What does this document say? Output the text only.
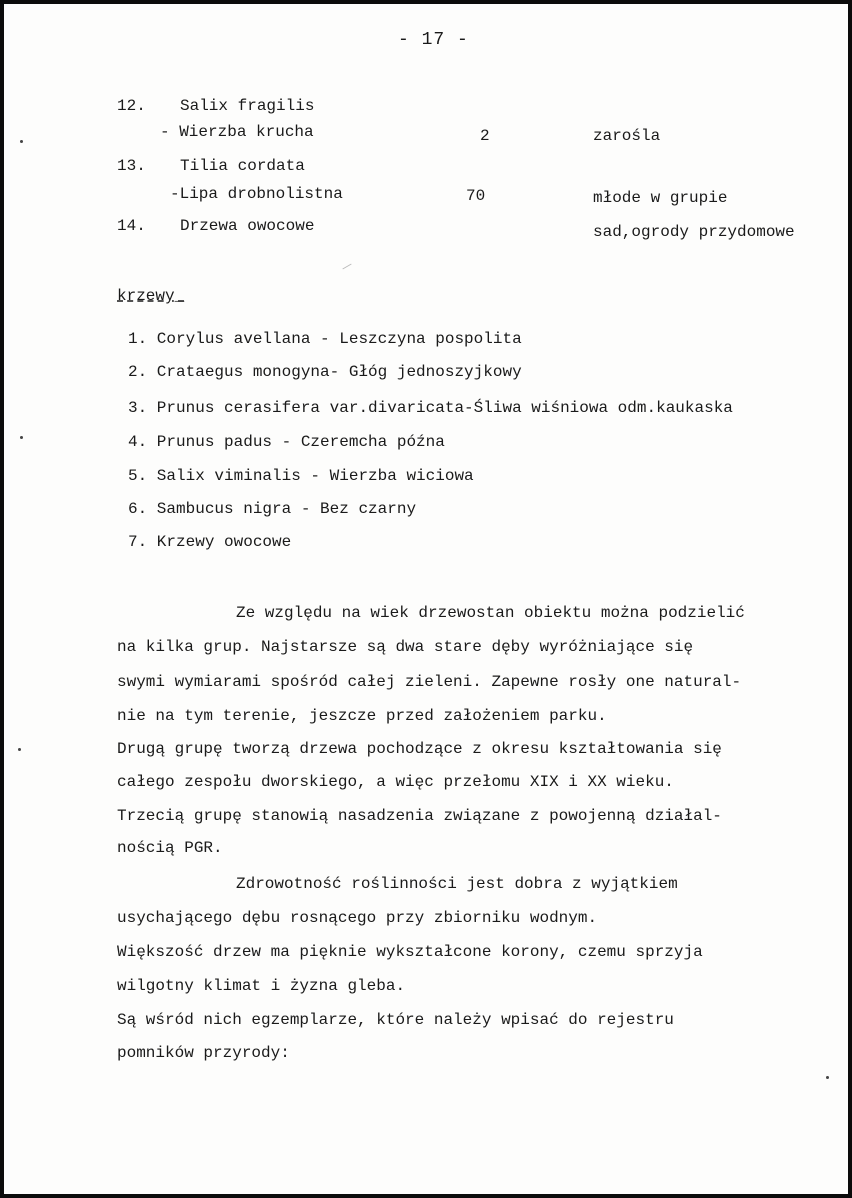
- 17 -
12. Salix fragilis
- Wierzba krucha	2	zarośla
13. Tilia cordata
-Lipa drobnolistna	70	młode w grupie
14. Drzewa owocowe	sad,ogrody przydomowe
krzewy_
1. Corylus avellana - Leszczyna pospolita
2. Crataegus monogyna- Głóg jednoszyjkowy
3. Prunus cerasifera var.divaricata-Śliwa wiśniowa odm.kaukaska
4. Prunus padus - Czeremcha późna
5. Salix viminalis - Wierzba wiciowa
6. Sambucus nigra - Bez czarny
7. Krzewy owocowe
Ze względu na wiek drzewostan obiektu można podzielić
na kilka grup. Najstarsze są dwa stare dęby wyróżniające się
swymi wymiarami spośród całej zieleni. Zapewne rosły one natural-
nie na tym terenie, jeszcze przed założeniem parku.
Drugą grupę tworzą drzewa pochodzące z okresu kształtowania się
całego zespołu dworskiego, a więc przełomu XIX i XX wieku.
Trzecią grupę stanowią nasadzenia związane z powojenną działal-
nością PGR.
Zdrowotność roślinności jest dobra z wyjątkiem
usychającego dębu rosnącego przy zbiorniku wodnym.
Większość drzew ma pięknie wykształcone korony, czemu sprzyja
wilgotny klimat i żyzna gleba.
Są wśród nich egzemplarze, które należy wpisać do rejestru
pomników przyrody:
